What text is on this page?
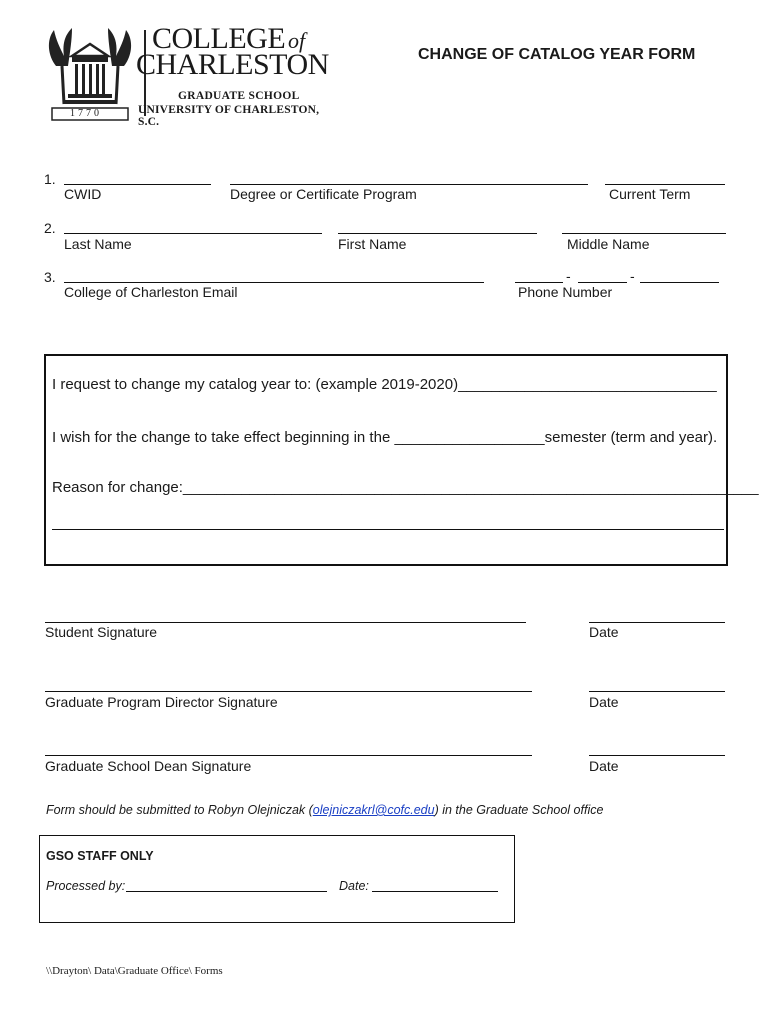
1770
COLLEGE of
CHARLESTON
GRADUATE SCHOOL
UNIVERSITY OF CHARLESTON, S.C.
CHANGE OF CATALOG YEAR FORM
1.
CWID	Degree or Certificate Program	Current Term
2.
Last Name	First Name	Middle Name
3.
College of Charleston Email
-	-
Phone Number
I request to change my catalog year to: (example 2019-2020)_______________________________
I wish for the change to take effect beginning in the __________________semester (term and year).
Reason for change:_____________________________________________________________________
Student Signature	Date
Graduate Program Director Signature	Date
Graduate School Dean Signature	Date
Form should be submitted to Robyn Olejniczak (olejniczakrl@cofc.edu) in the Graduate School office
GSO STAFF ONLY
Processed by:	Date:
\\Drayton\ Data\Graduate Office\ Forms
